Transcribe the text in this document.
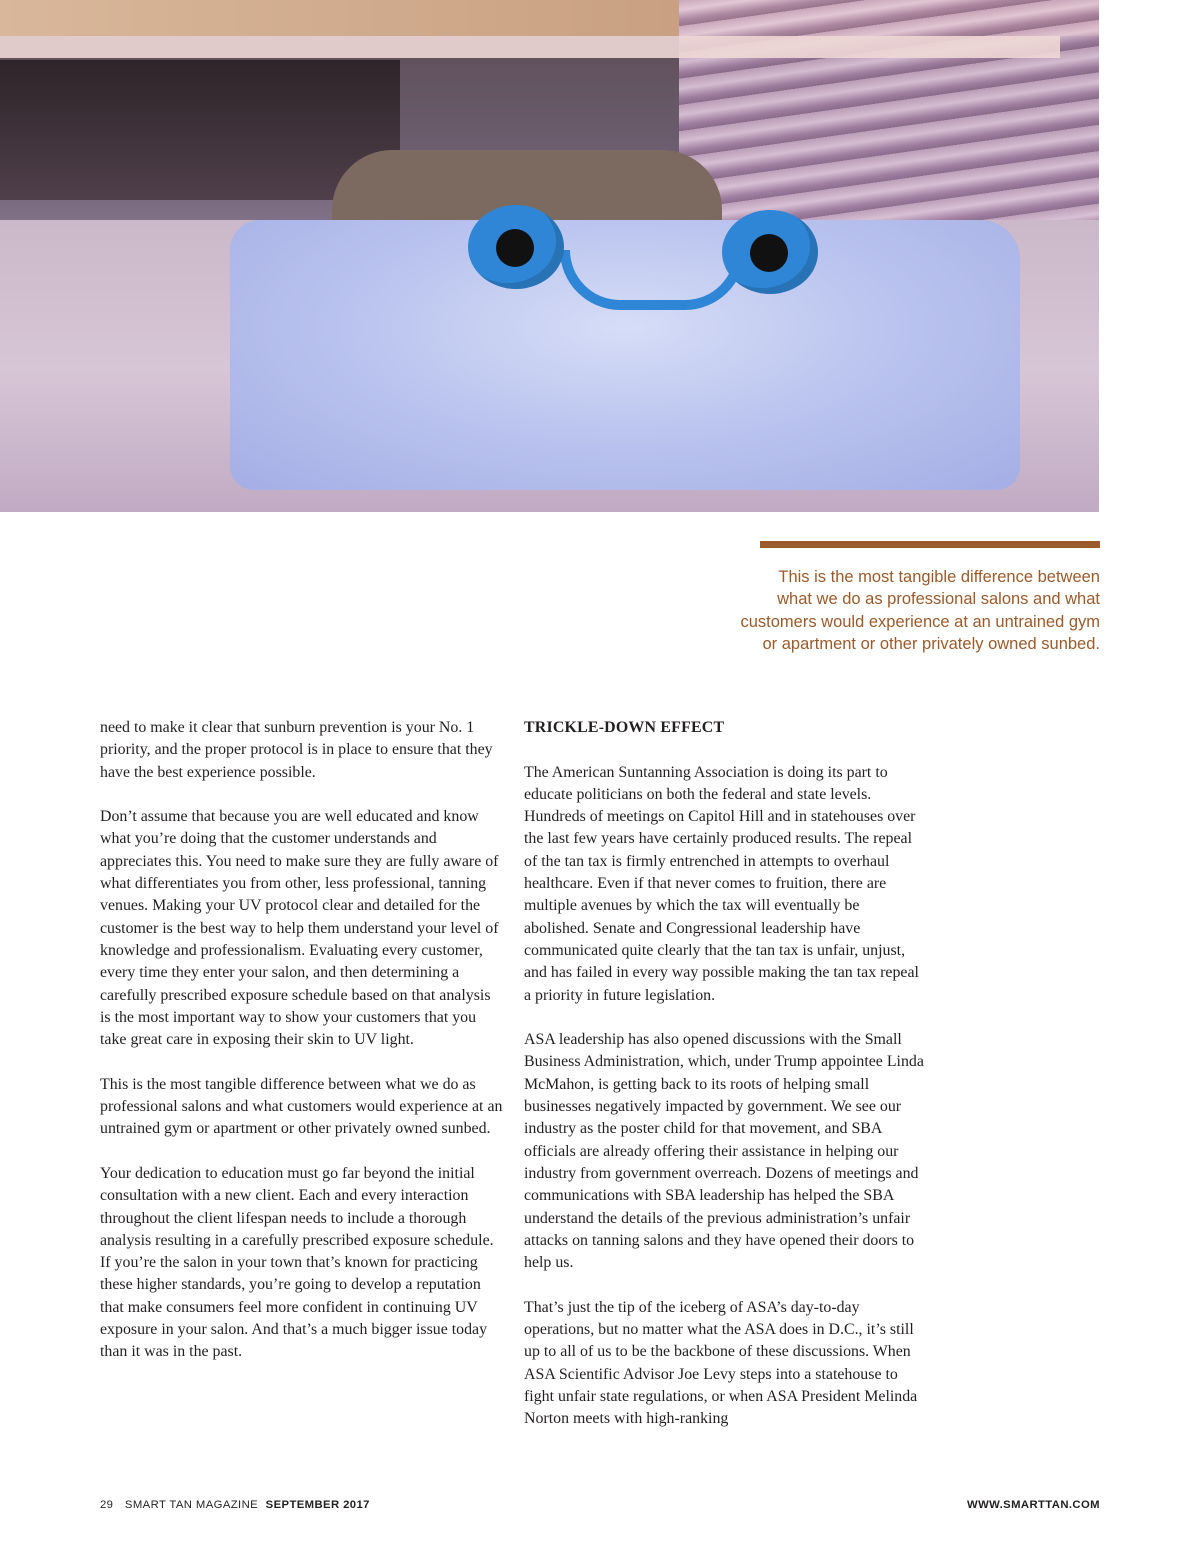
This is the most tangible difference between what we do as professional salons and what customers would experience at an untrained gym or apartment or other privately owned sunbed.

need to make it clear that sunburn prevention is your No. 1 priority, and the proper protocol is in place to ensure that they have the best experience possible.

Don’t assume that because you are well educated and know what you’re doing that the customer understands and appreciates this. You need to make sure they are fully aware of what differentiates you from other, less professional, tanning venues. Making your UV protocol clear and detailed for the customer is the best way to help them understand your level of knowledge and professionalism. Evaluating every customer, every time they enter your salon, and then determining a carefully prescribed exposure schedule based on that analysis is the most important way to show your customers that you take great care in exposing their skin to UV light.

This is the most tangible difference between what we do as professional salons and what customers would experience at an untrained gym or apartment or other privately owned sunbed.

Your dedication to education must go far beyond the initial consultation with a new client. Each and every interaction throughout the client lifespan needs to include a thorough analysis resulting in a carefully prescribed exposure schedule. If you’re the salon in your town that’s known for practicing these higher standards, you’re going to develop a reputation that make consumers feel more confident in continuing UV exposure in your salon. And that’s a much bigger issue today than it was in the past.

TRICKLE-DOWN EFFECT

The American Suntanning Association is doing its part to educate politicians on both the federal and state levels. Hundreds of meetings on Capitol Hill and in statehouses over the last few years have certainly produced results. The repeal of the tan tax is firmly entrenched in attempts to overhaul healthcare. Even if that never comes to fruition, there are multiple avenues by which the tax will eventually be abolished. Senate and Congressional leadership have communicated quite clearly that the tan tax is unfair, unjust, and has failed in every way possible making the tan tax repeal a priority in future legislation.

ASA leadership has also opened discussions with the Small Business Administration, which, under Trump appointee Linda McMahon, is getting back to its roots of helping small businesses negatively impacted by government. We see our industry as the poster child for that movement, and SBA officials are already offering their assistance in helping our industry from government overreach. Dozens of meetings and communications with SBA leadership has helped the SBA understand the details of the previous administration’s unfair attacks on tanning salons and they have opened their doors to help us.

That’s just the tip of the iceberg of ASA’s day-to-day operations, but no matter what the ASA does in D.C., it’s still up to all of us to be the backbone of these discussions. When ASA Scientific Advisor Joe Levy steps into a statehouse to fight unfair state regulations, or when ASA President Melinda Norton meets with high-ranking

29 SMART TAN MAGAZINE SEPTEMBER 2017	WWW.SMARTTAN.COM
